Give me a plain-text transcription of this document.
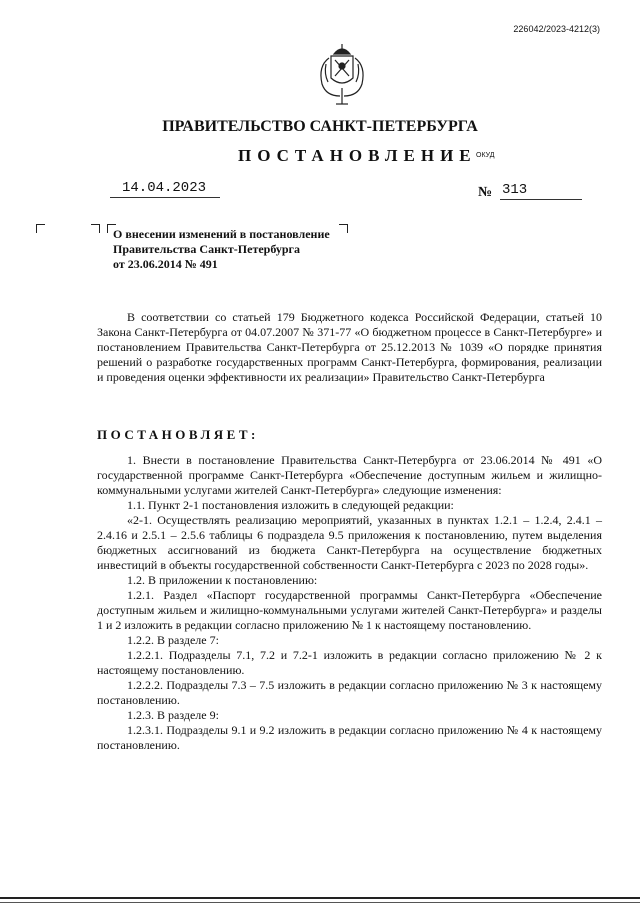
226042/2023-4212(3)
ПРАВИТЕЛЬСТВО САНКТ-ПЕТЕРБУРГА
ПОСТАНОВЛЕНИЕ ОКУД
14.04.2023	№ 313
О внесении изменений в постановление
Правительства Санкт-Петербурга
от 23.06.2014 № 491

В соответствии со статьей 179 Бюджетного кодекса Российской Федерации, статьей 10 Закона Санкт-Петербурга от 04.07.2007 № 371-77 «О бюджетном процессе в Санкт-Петербурге» и постановлением Правительства Санкт-Петербурга от 25.12.2013 № 1039 «О порядке принятия решений о разработке государственных программ Санкт-Петербурга, формирования, реализации и проведения оценки эффективности их реализации» Правительство Санкт-Петербурга

ПОСТАНОВЛЯЕТ:

1. Внести в постановление Правительства Санкт-Петербурга от 23.06.2014 № 491 «О государственной программе Санкт-Петербурга «Обеспечение доступным жильем и жилищно-коммунальными услугами жителей Санкт-Петербурга» следующие изменения:

1.1. Пункт 2-1 постановления изложить в следующей редакции:

«2-1. Осуществлять реализацию мероприятий, указанных в пунктах 1.2.1 – 1.2.4, 2.4.1 – 2.4.16 и 2.5.1 – 2.5.6 таблицы 6 подраздела 9.5 приложения к постановлению, путем выделения бюджетных ассигнований из бюджета Санкт-Петербурга на осуществление бюджетных инвестиций в объекты государственной собственности Санкт-Петербурга с 2023 по 2028 годы».

1.2. В приложении к постановлению:

1.2.1. Раздел «Паспорт государственной программы Санкт-Петербурга «Обеспечение доступным жильем и жилищно-коммунальными услугами жителей Санкт-Петербурга» и разделы 1 и 2 изложить в редакции согласно приложению № 1 к настоящему постановлению.

1.2.2. В разделе 7:

1.2.2.1. Подразделы 7.1, 7.2 и 7.2-1 изложить в редакции согласно приложению № 2 к настоящему постановлению.

1.2.2.2. Подразделы 7.3 – 7.5 изложить в редакции согласно приложению № 3 к настоящему постановлению.

1.2.3. В разделе 9:

1.2.3.1. Подразделы 9.1 и 9.2 изложить в редакции согласно приложению № 4 к настоящему постановлению.
